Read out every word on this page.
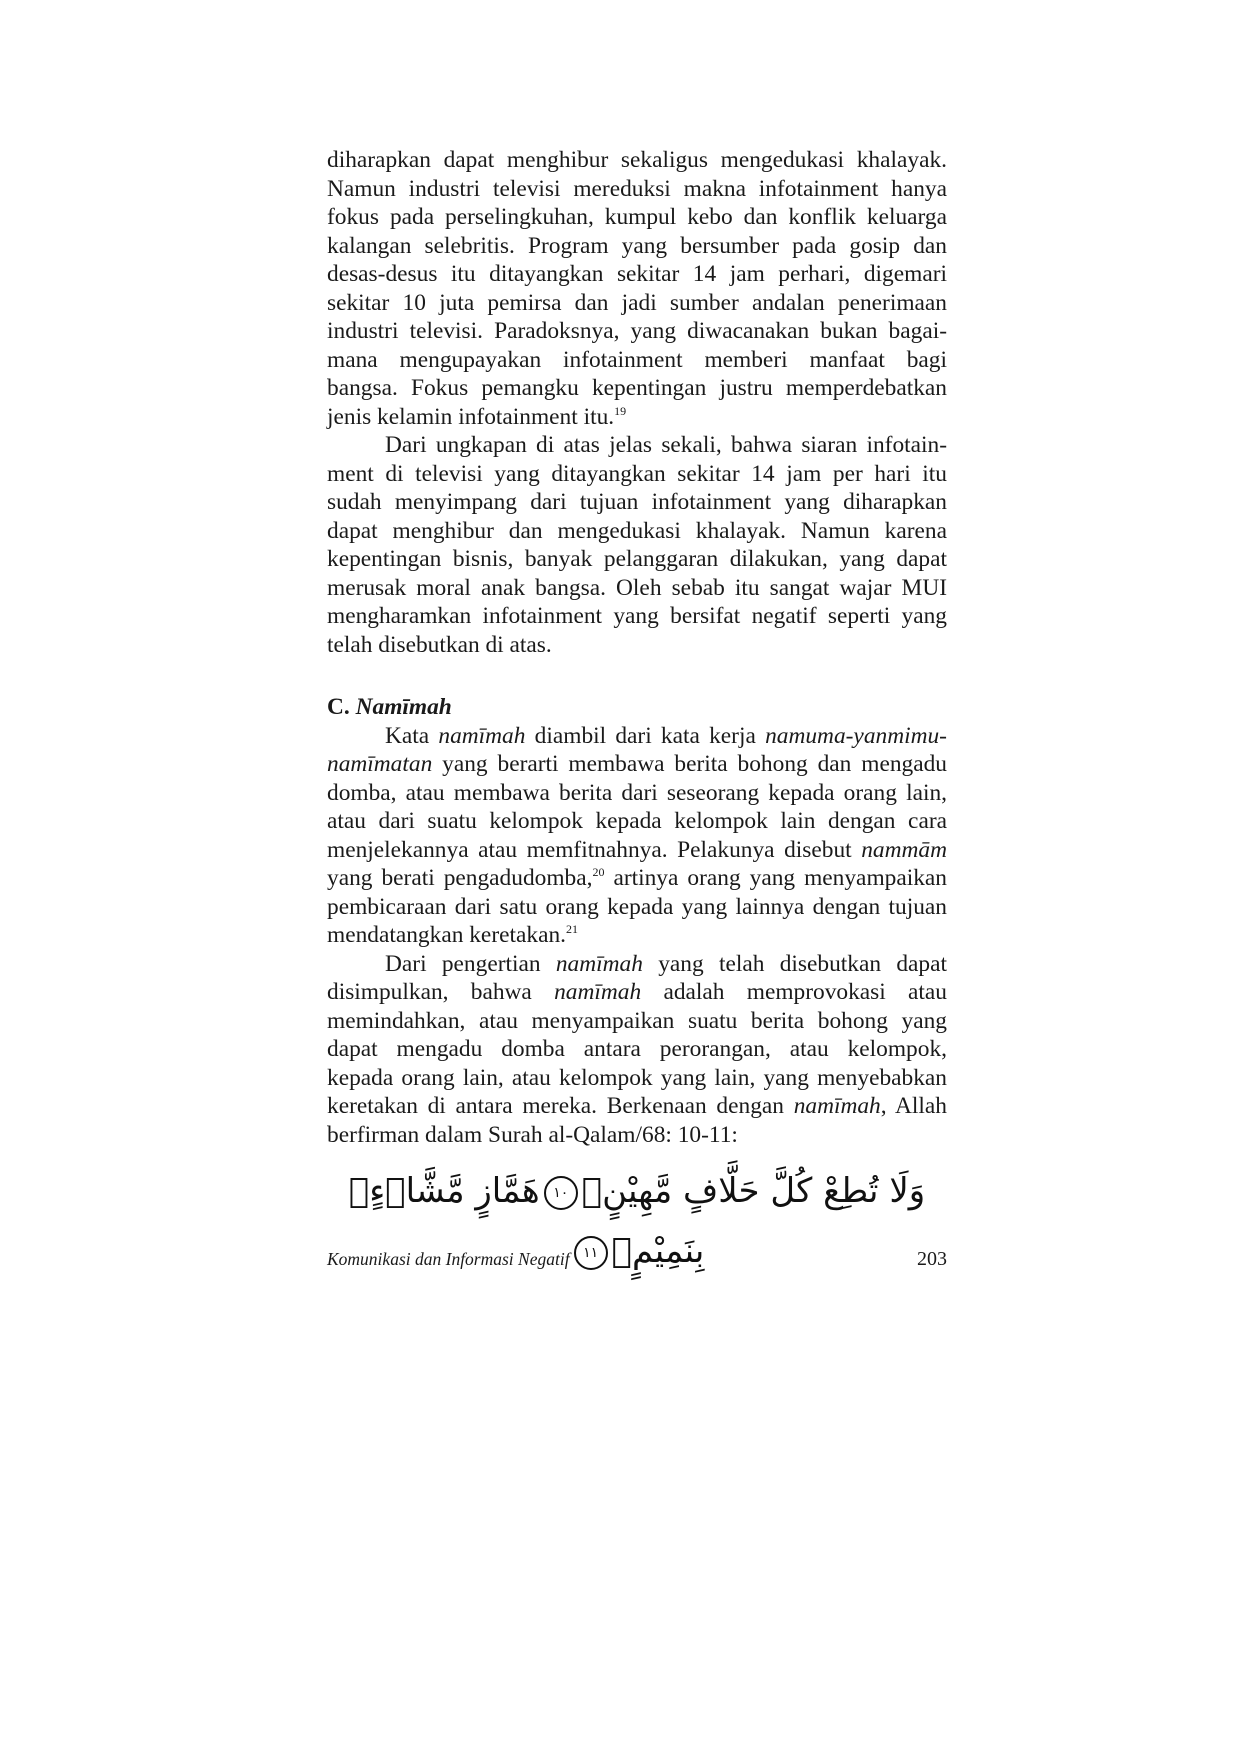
diharapkan dapat menghibur sekaligus mengedukasi khalayak.
Namun industri televisi mereduksi makna infotainment hanya
fokus pada perselingkuhan, kumpul kebo dan konflik keluarga
kalangan selebritis. Program yang bersumber pada gosip dan
desas-desus itu ditayangkan sekitar 14 jam perhari, digemari
sekitar 10 juta pemirsa dan jadi sumber andalan penerimaan
industri televisi. Paradoksnya, yang diwacanakan bukan bagai-
mana mengupayakan infotainment memberi manfaat bagi
bangsa. Fokus pemangku kepentingan justru memperdebatkan
jenis kelamin infotainment itu.$^{19}$

Dari ungkapan di atas jelas sekali, bahwa siaran infotain-
ment di televisi yang ditayangkan sekitar 14 jam per hari itu
sudah menyimpang dari tujuan infotainment yang diharapkan
dapat menghibur dan mengedukasi khalayak. Namun karena
kepentingan bisnis, banyak pelanggaran dilakukan, yang dapat
merusak moral anak bangsa. Oleh sebab itu sangat wajar MUI
mengharamkan infotainment yang bersifat negatif seperti yang
telah disebutkan di atas.

C. Namīmah

Kata namīmah diambil dari kata kerja namuma-yanmimu-
namīmatan yang berarti membawa berita bohong dan mengadu
domba, atau membawa berita dari seseorang kepada orang lain,
atau dari suatu kelompok kepada kelompok lain dengan cara
menjelekannya atau memfitnahnya. Pelakunya disebut nammām
yang berati pengadudomba,$^{20}$ artinya orang yang menyampaikan
pembicaraan dari satu orang kepada yang lainnya dengan tujuan
mendatangkan keretakan.$^{21}$

Dari pengertian namīmah yang telah disebutkan dapat
disimpulkan, bahwa namīmah adalah memprovokasi atau
memindahkan, atau menyampaikan suatu berita bohong yang
dapat mengadu domba antara perorangan, atau kelompok,
kepada orang lain, atau kelompok yang lain, yang menyebabkan
keretakan di antara mereka. Berkenaan dengan namīmah, Allah
berfirman dalam Surah al-Qalam/68: 10-11:

وَلَا تُطِعْ كُلَّ حَلَّافٍ مَّهِيْنٍۙ١٠هَمَّازٍ مَّشَّاۤءٍۢ بِنَمِيْمٍۙ١١
Komunikasi dan Informasi Negatif	203
